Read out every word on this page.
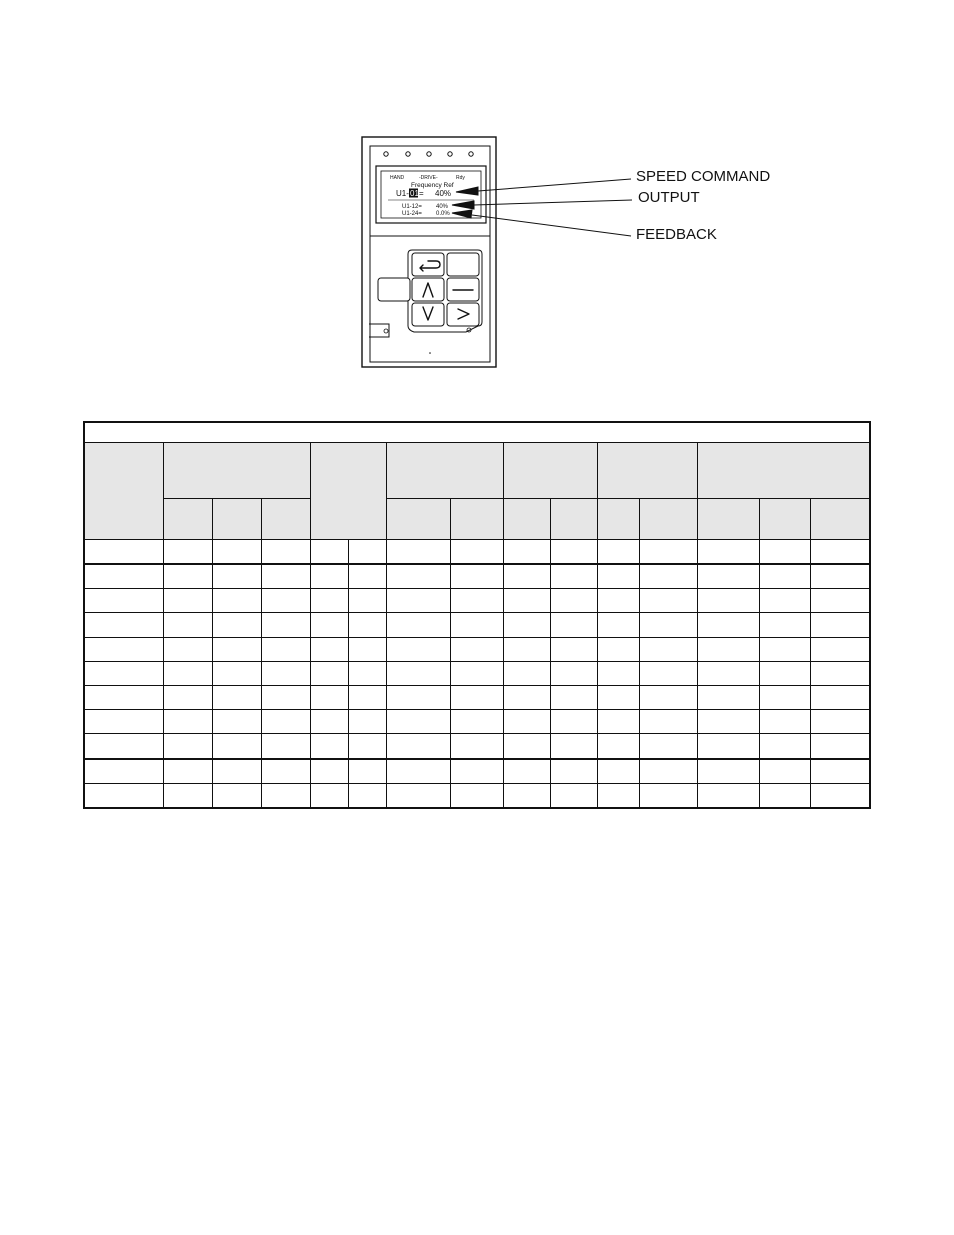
HAND	-DRIVE-	Rdy
Frequency Ref
U1- 01 = 40%
U1-12= 40%
U1-24= 0.0%
SPEED COMMAND
OUTPUT
FEEDBACK
